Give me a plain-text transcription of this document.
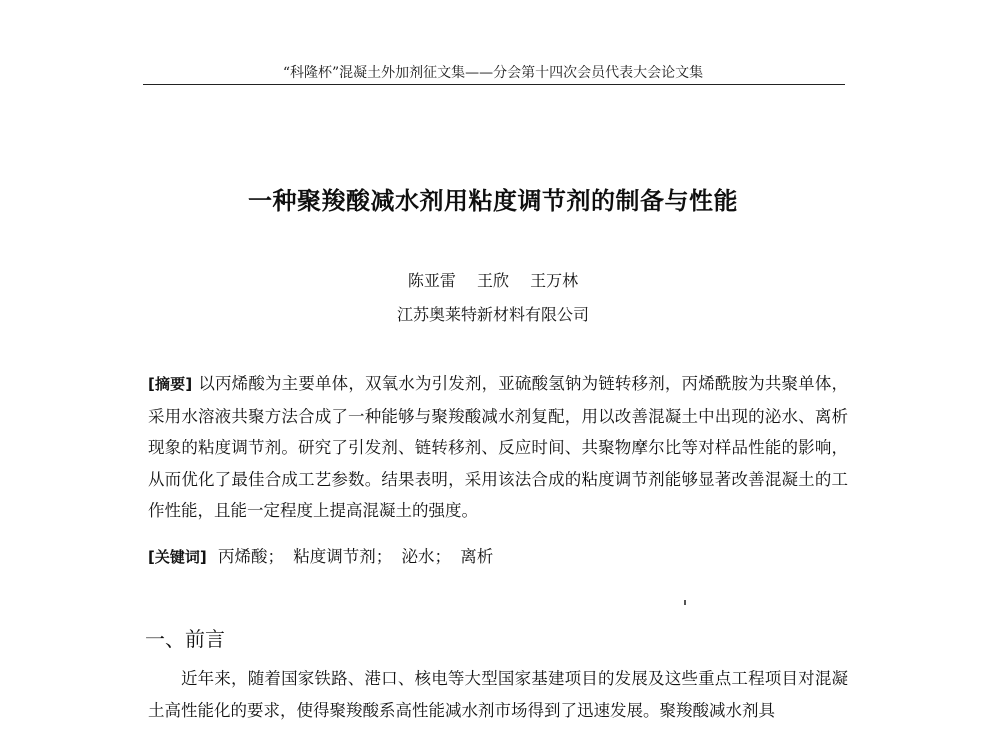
“科隆杯”混凝土外加剂征文集——分会第十四次会员代表大会论文集
一种聚羧酸减水剂用粘度调节剂的制备与性能
陈亚雷 王欣 王万林
江苏奥莱特新材料有限公司

[摘要] 以丙烯酸为主要单体，双氧水为引发剂，亚硫酸氢钠为链转移剂，丙烯酰胺为共聚单体，采用水溶液共聚方法合成了一种能够与聚羧酸减水剂复配，用以改善混凝土中出现的泌水、离析现象的粘度调节剂。研究了引发剂、链转移剂、反应时间、共聚物摩尔比等对样品性能的影响，从而优化了最佳合成工艺参数。结果表明，采用该法合成的粘度调节剂能够显著改善混凝土的工作性能，且能一定程度上提高混凝土的强度。

[关键词] 丙烯酸； 粘度调节剂； 泌水； 离析
一、前言

近年来，随着国家铁路、港口、核电等大型国家基建项目的发展及这些重点工程项目对混凝土高性能化的要求，使得聚羧酸系高性能减水剂市场得到了迅速发展。聚羧酸减水剂具
